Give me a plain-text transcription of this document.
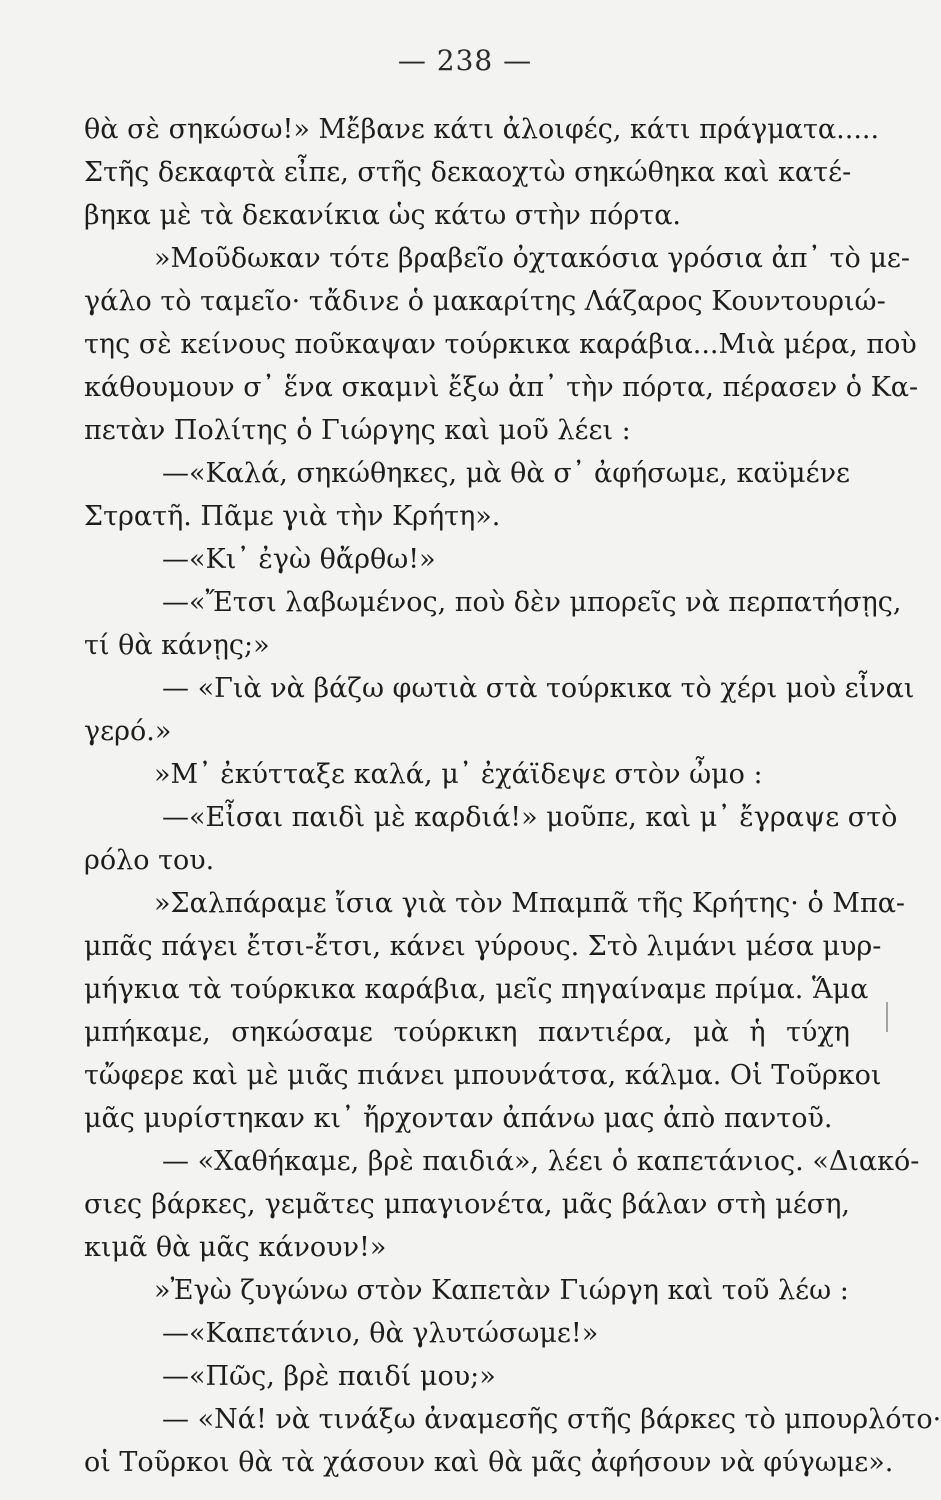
— 238 —
θὰ σὲ σηκώσω!» Μἔβανε κάτι ἀλοιφές, κάτι πράγματα.....
Στῆς δεκαφτὰ εἶπε, στῆς δεκαοχτὼ σηκώθηκα καὶ κατέ-
βηκα μὲ τὰ δεκανίκια ὡς κάτω στὴν πόρτα.
»Μοῦδωκαν τότε βραβεῖο ὀχτακόσια γρόσια ἀπ᾽ τὸ με-
γάλο τὸ ταμεῖο· τἄδινε ὁ μακαρίτης Λάζαρος Κουντουριώ-
της σὲ κείνους ποῦκαψαν τούρκικα καράβια...Μιὰ μέρα, ποὺ
κάθουμουν σ᾽ ἕνα σκαμνὶ ἔξω ἀπ᾽ τὴν πόρτα, πέρασεν ὁ Κα-
πετὰν Πολίτης ὁ Γιώργης καὶ μοῦ λέει :
—«Καλά, σηκώθηκες, μὰ θὰ σ᾽ ἀφήσωμε, καϋμένε
Στρατῆ. Πᾶμε γιὰ τὴν Κρήτη».
—«Κι᾽ ἐγὼ θἄρθω!»
—«Ἔτσι λαβωμένος, ποὺ δὲν μπορεῖς νὰ περπατήσῃς,
τί θὰ κάνῃς;»
— «Γιὰ νὰ βάζω φωτιὰ στὰ τούρκικα τὸ χέρι μοὺ εἶναι
γερό.»
»Μ᾽ ἐκύτταξε καλά, μ᾽ ἐχάϊδεψε στὸν ὦμο :
—«Εἶσαι παιδὶ μὲ καρδιά!» μοῦπε, καὶ μ᾽ ἔγραψε στὸ
ρόλο του.
»Σαλπάραμε ἴσια γιὰ τὸν Μπαμπᾶ τῆς Κρήτης· ὁ Μπα-
μπᾶς πάγει ἔτσι-ἔτσι, κάνει γύρους. Στὸ λιμάνι μέσα μυρ-
μήγκια τὰ τούρκικα καράβια, μεῖς πηγαίναμε πρίμα. Ἅμα
μπήκαμε, σηκώσαμε τούρκικη παντιέρα, μὰ ἡ τύχη
τὤφερε καὶ μὲ μιᾶς πιάνει μπουνάτσα, κάλμα. Οἱ Τοῦρκοι
μᾶς μυρίστηκαν κι᾽ ἤρχονταν ἀπάνω μας ἀπὸ παντοῦ.
— «Χαθήκαμε, βρὲ παιδιά», λέει ὁ καπετάνιος. «Διακό-
σιες βάρκες, γεμᾶτες μπαγιονέτα, μᾶς βάλαν στὴ μέση,
κιμᾶ θὰ μᾶς κάνουν!»
»Ἐγὼ ζυγώνω στὸν Καπετὰν Γιώργη καὶ τοῦ λέω :
—«Καπετάνιο, θὰ γλυτώσωμε!»
—«Πῶς, βρὲ παιδί μου;»
— «Νά! νὰ τινάξω ἀναμεσῆς στῆς βάρκες τὸ μπουρλότο·
οἱ Τοῦρκοι θὰ τὰ χάσουν καὶ θὰ μᾶς ἀφήσουν νὰ φύγωμε».
